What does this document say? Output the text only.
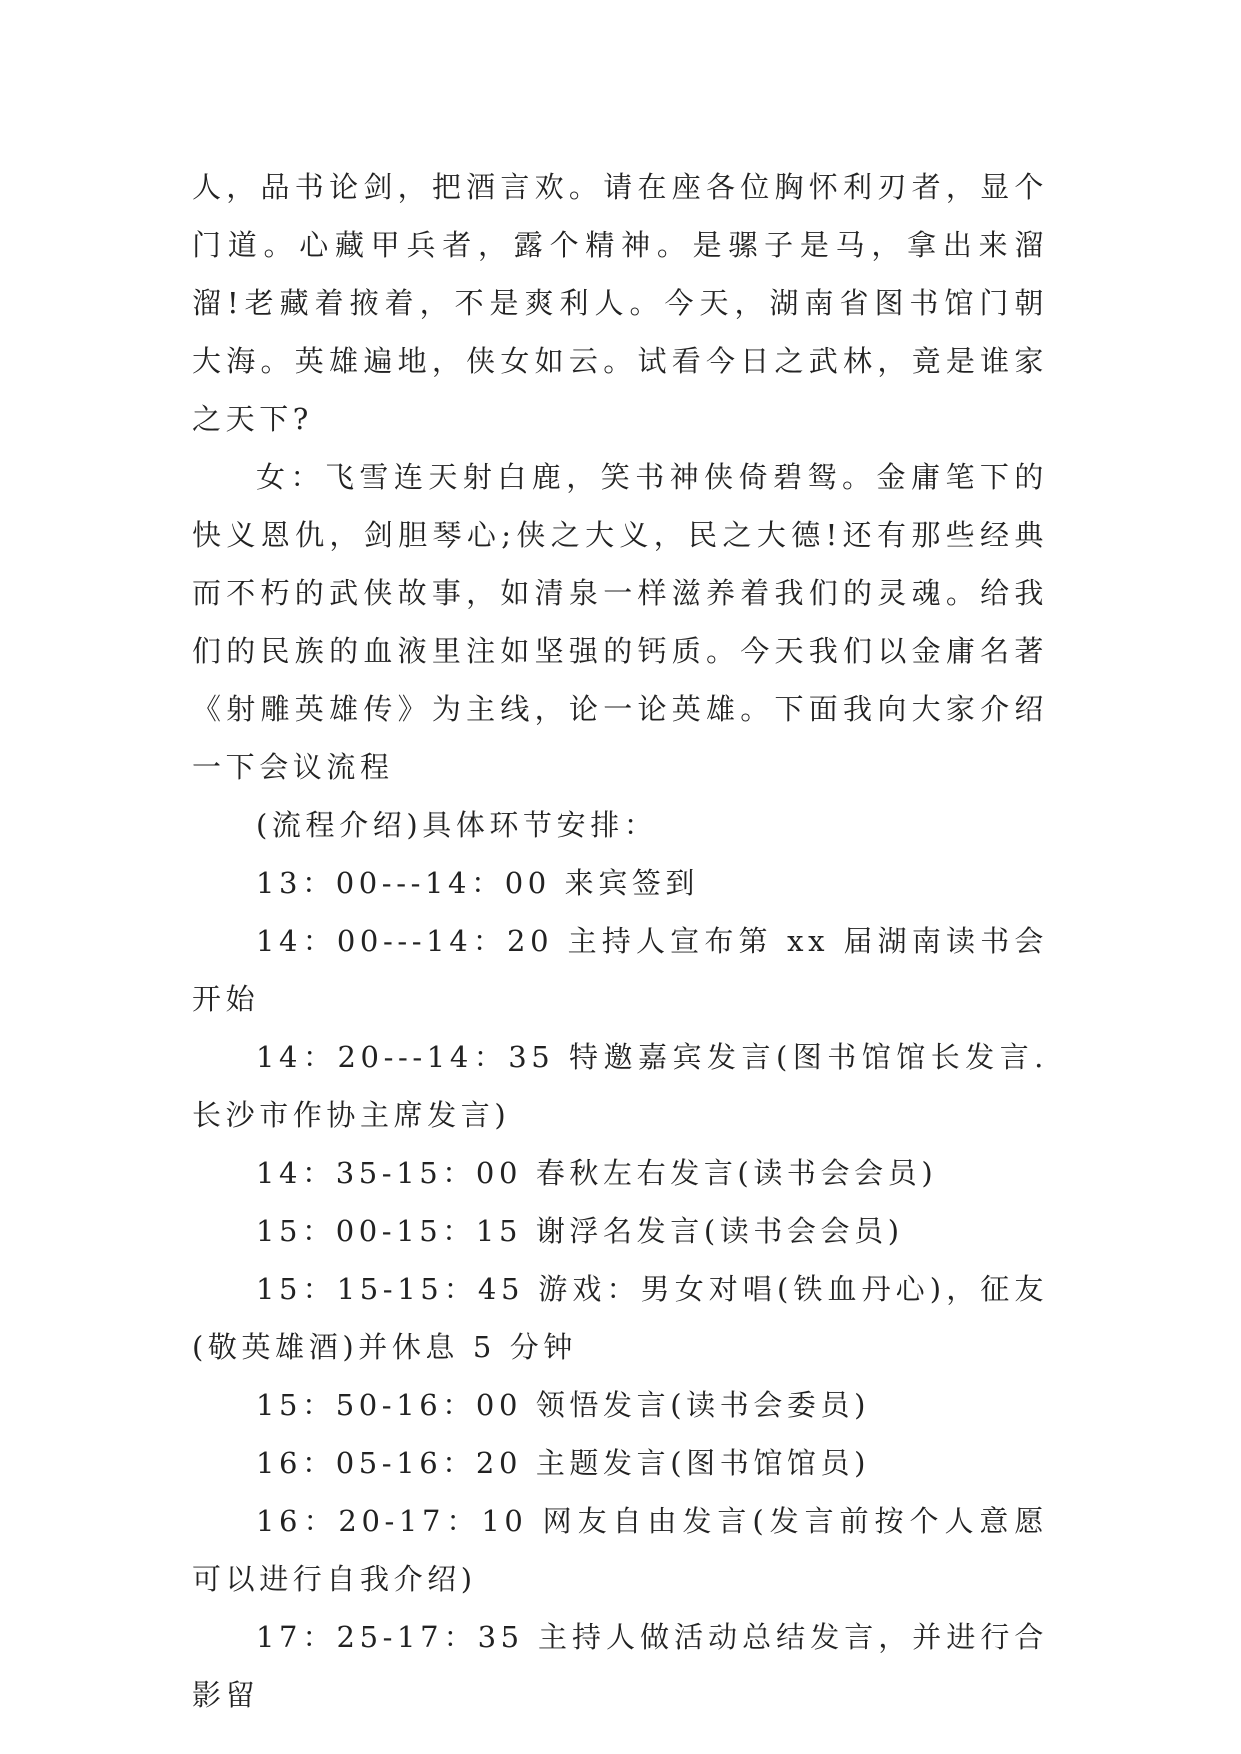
人，品书论剑，把酒言欢。请在座各位胸怀利刃者，显个门道。心藏甲兵者，露个精神。是骡子是马，拿出来溜溜!老藏着掖着，不是爽利人。今天，湖南省图书馆门朝大海。英雄遍地，侠女如云。试看今日之武林，竟是谁家之天下?

女：飞雪连天射白鹿，笑书神侠倚碧鸳。金庸笔下的快义恩仇，剑胆琴心;侠之大义，民之大德!还有那些经典而不朽的武侠故事，如清泉一样滋养着我们的灵魂。给我们的民族的血液里注如坚强的钙质。今天我们以金庸名著《射雕英雄传》为主线，论一论英雄。下面我向大家介绍一下会议流程

(流程介绍)具体环节安排：

13：00---14：00 来宾签到

14：00---14：20 主持人宣布第 xx 届湖南读书会开始

14：20---14：35 特邀嘉宾发言(图书馆馆长发言.长沙市作协主席发言)

14：35-15：00 春秋左右发言(读书会会员)

15：00-15：15 谢浮名发言(读书会会员)

15：15-15：45 游戏：男女对唱(铁血丹心)，征友(敬英雄酒)并休息 5 分钟

15：50-16：00 领悟发言(读书会委员)

16：05-16：20 主题发言(图书馆馆员)

16：20-17：10 网友自由发言(发言前按个人意愿可以进行自我介绍)

17：25-17：35 主持人做活动总结发言，并进行合影留
